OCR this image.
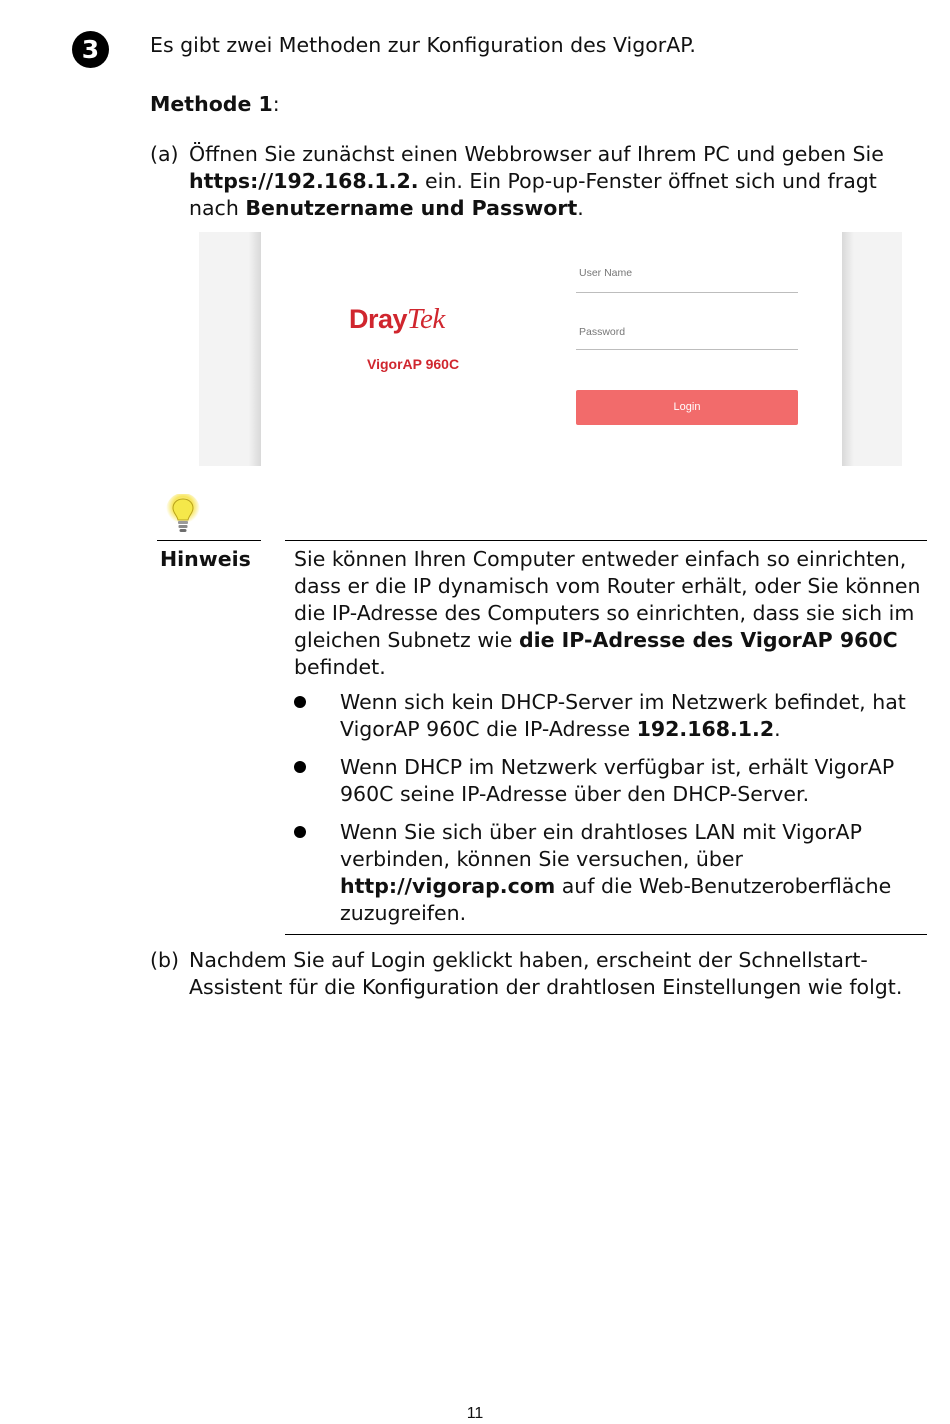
3	Es gibt zwei Methoden zur Konfiguration des VigorAP.
Methode 1:
(a) Öffnen Sie zunächst einen Webbrowser auf Ihrem PC und geben Sie https://192.168.1.2. ein. Ein Pop-up-Fenster öffnet sich und fragt nach Benutzername und Passwort.
DrayTek
VigorAP 960C
User Name
Password
Login
Hinweis Sie können Ihren Computer entweder einfach so einrichten, dass er die IP dynamisch vom Router erhält, oder Sie können die IP-Adresse des Computers so einrichten, dass sie sich im gleichen Subnetz wie die IP-Adresse des VigorAP 960C befindet.
Wenn sich kein DHCP-Server im Netzwerk befindet, hat VigorAP 960C die IP-Adresse 192.168.1.2.
Wenn DHCP im Netzwerk verfügbar ist, erhält VigorAP 960C seine IP-Adresse über den DHCP-Server.
Wenn Sie sich über ein drahtloses LAN mit VigorAP verbinden, können Sie versuchen, über http://vigorap.com auf die Web-Benutzeroberfläche zuzugreifen.
(b) Nachdem Sie auf Login geklickt haben, erscheint der Schnellstart-Assistent für die Konfiguration der drahtlosen Einstellungen wie folgt.
11
